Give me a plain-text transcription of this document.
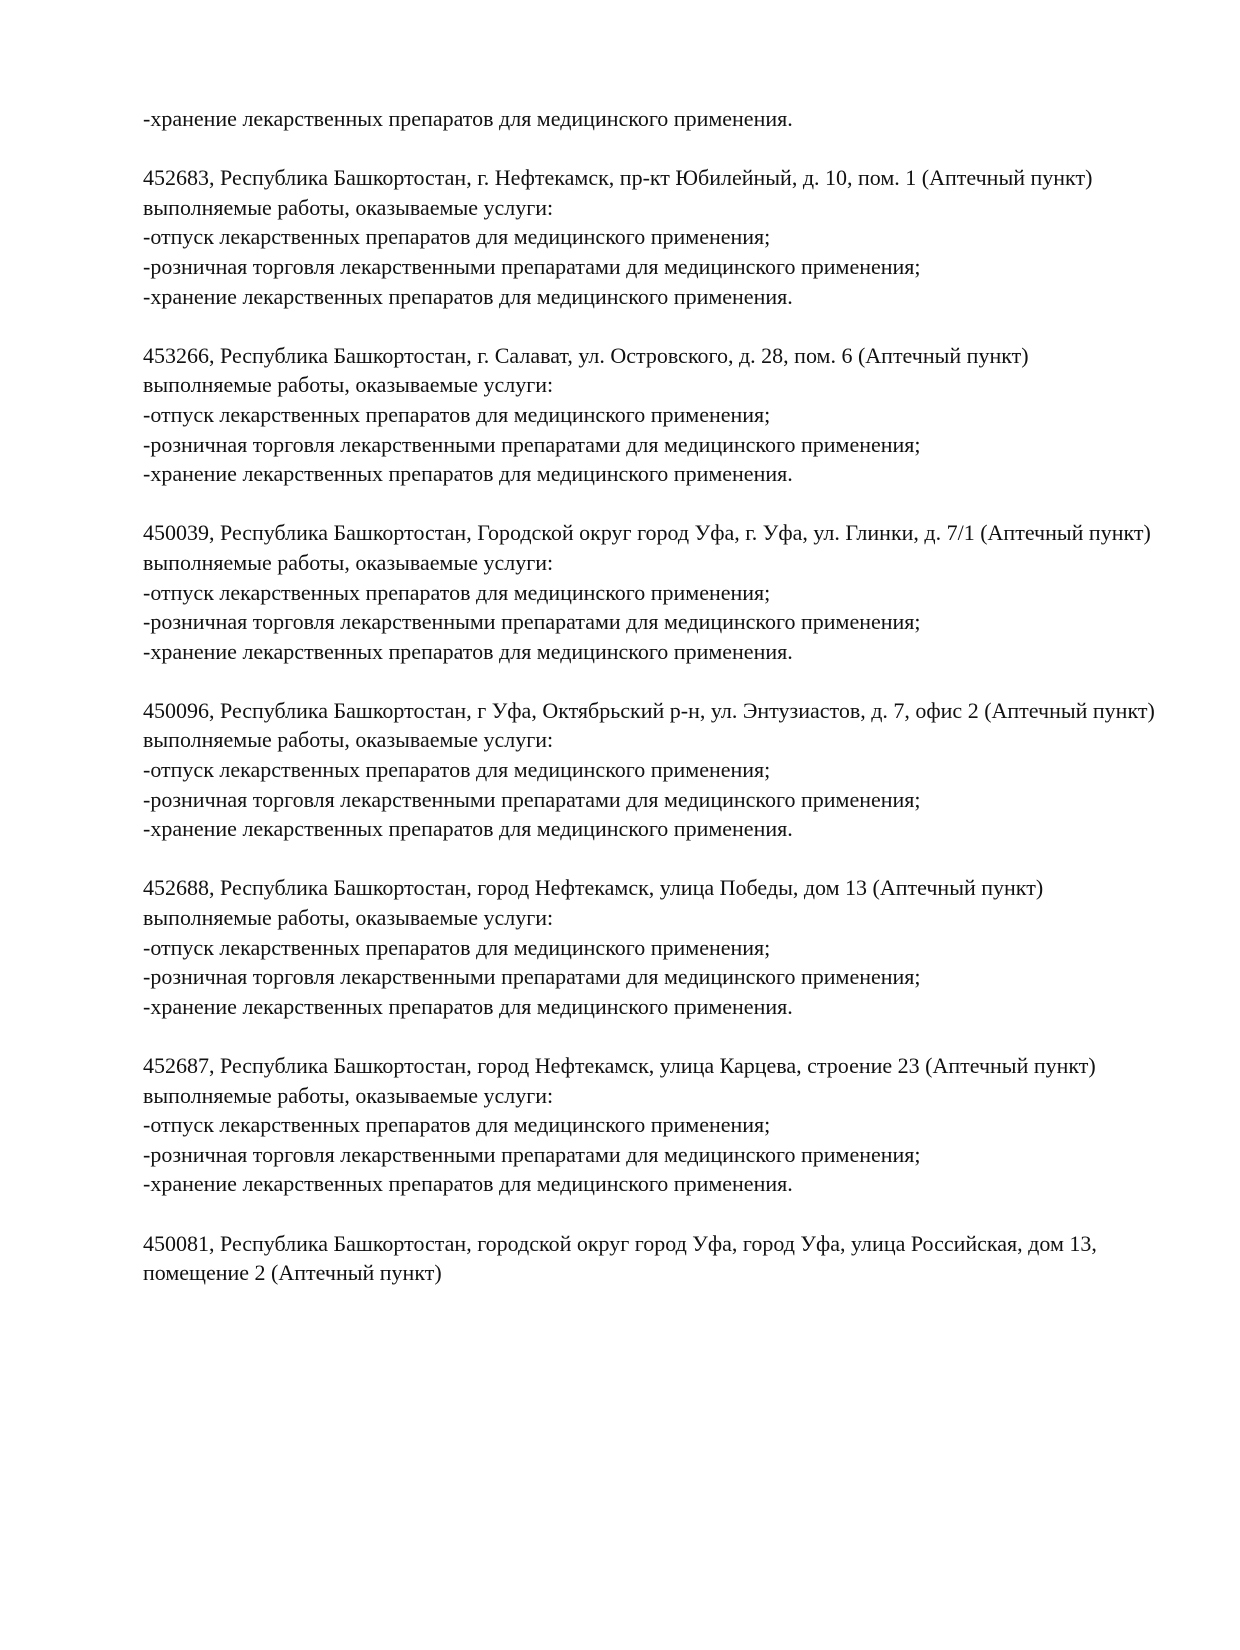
-хранение лекарственных препаратов для медицинского применения.
452683, Республика Башкортостан, г. Нефтекамск, пр-кт Юбилейный, д. 10, пом. 1 (Аптечный пункт)
выполняемые работы, оказываемые услуги:
-отпуск лекарственных препаратов для медицинского применения;
-розничная торговля лекарственными препаратами для медицинского применения;
-хранение лекарственных препаратов для медицинского применения.
453266, Республика Башкортостан, г. Салават, ул. Островского, д. 28, пом. 6 (Аптечный пункт)
выполняемые работы, оказываемые услуги:
-отпуск лекарственных препаратов для медицинского применения;
-розничная торговля лекарственными препаратами для медицинского применения;
-хранение лекарственных препаратов для медицинского применения.
450039, Республика Башкортостан, Городской округ город Уфа, г. Уфа, ул. Глинки, д. 7/1 (Аптечный пункт)
выполняемые работы, оказываемые услуги:
-отпуск лекарственных препаратов для медицинского применения;
-розничная торговля лекарственными препаратами для медицинского применения;
-хранение лекарственных препаратов для медицинского применения.
450096, Республика Башкортостан, г Уфа, Октябрьский р-н, ул. Энтузиастов, д. 7, офис 2 (Аптечный пункт)
выполняемые работы, оказываемые услуги:
-отпуск лекарственных препаратов для медицинского применения;
-розничная торговля лекарственными препаратами для медицинского применения;
-хранение лекарственных препаратов для медицинского применения.
452688, Республика Башкортостан, город Нефтекамск, улица Победы, дом 13 (Аптечный пункт)
выполняемые работы, оказываемые услуги:
-отпуск лекарственных препаратов для медицинского применения;
-розничная торговля лекарственными препаратами для медицинского применения;
-хранение лекарственных препаратов для медицинского применения.
452687, Республика Башкортостан, город Нефтекамск, улица Карцева, строение 23 (Аптечный пункт)
выполняемые работы, оказываемые услуги:
-отпуск лекарственных препаратов для медицинского применения;
-розничная торговля лекарственными препаратами для медицинского применения;
-хранение лекарственных препаратов для медицинского применения.
450081, Республика Башкортостан, городской округ город Уфа, город Уфа, улица Российская, дом 13, помещение 2 (Аптечный пункт)
